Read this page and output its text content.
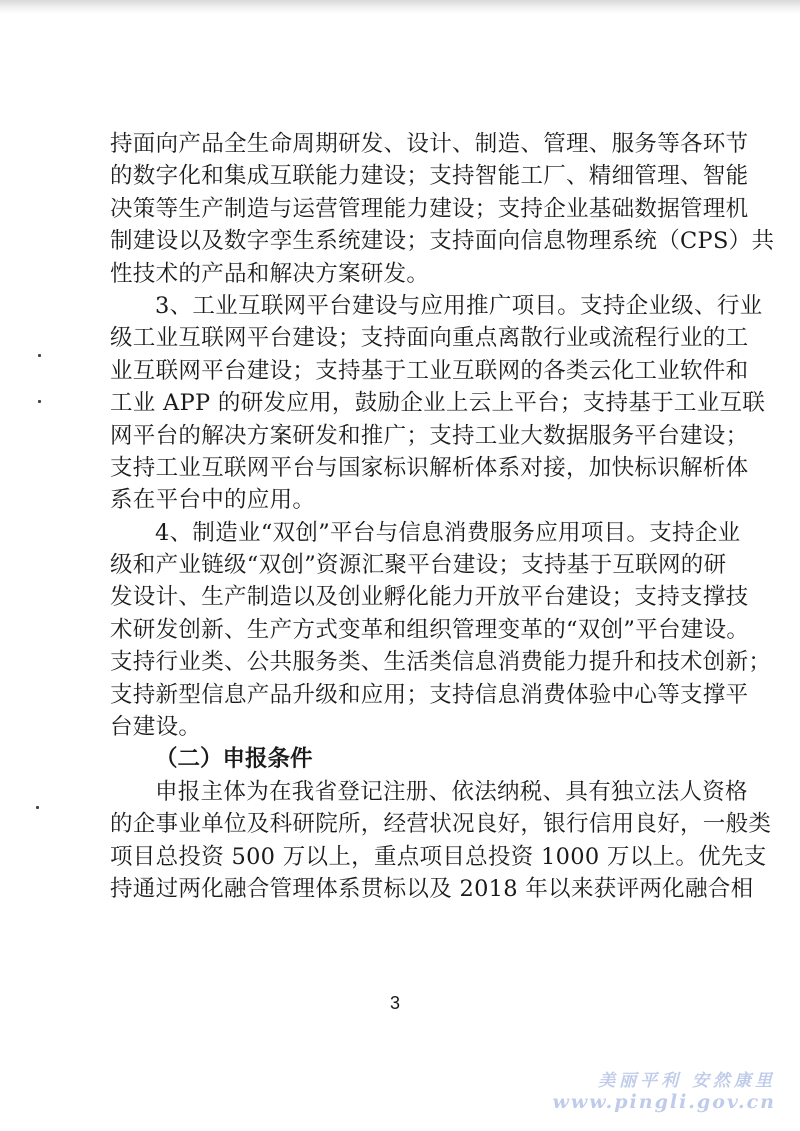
持面向产品全生命周期研发、设计、制造、管理、服务等各环节
的数字化和集成互联能力建设；支持智能工厂、精细管理、智能
决策等生产制造与运营管理能力建设；支持企业基础数据管理机
制建设以及数字孪生系统建设；支持面向信息物理系统（CPS）共
性技术的产品和解决方案研发。
3、工业互联网平台建设与应用推广项目。支持企业级、行业
级工业互联网平台建设；支持面向重点离散行业或流程行业的工
业互联网平台建设；支持基于工业互联网的各类云化工业软件和
工业 APP 的研发应用，鼓励企业上云上平台；支持基于工业互联
网平台的解决方案研发和推广；支持工业大数据服务平台建设；
支持工业互联网平台与国家标识解析体系对接，加快标识解析体
系在平台中的应用。
4、制造业“双创”平台与信息消费服务应用项目。支持企业
级和产业链级“双创”资源汇聚平台建设；支持基于互联网的研
发设计、生产制造以及创业孵化能力开放平台建设；支持支撑技
术研发创新、生产方式变革和组织管理变革的“双创”平台建设。
支持行业类、公共服务类、生活类信息消费能力提升和技术创新；
支持新型信息产品升级和应用；支持信息消费体验中心等支撑平
台建设。
（二）申报条件
申报主体为在我省登记注册、依法纳税、具有独立法人资格
的企事业单位及科研院所，经营状况良好，银行信用良好，一般类
项目总投资 500 万以上，重点项目总投资 1000 万以上。优先支
持通过两化融合管理体系贯标以及 2018 年以来获评两化融合相
3
美丽平利 安然康里
www.pingli.gov.cn
